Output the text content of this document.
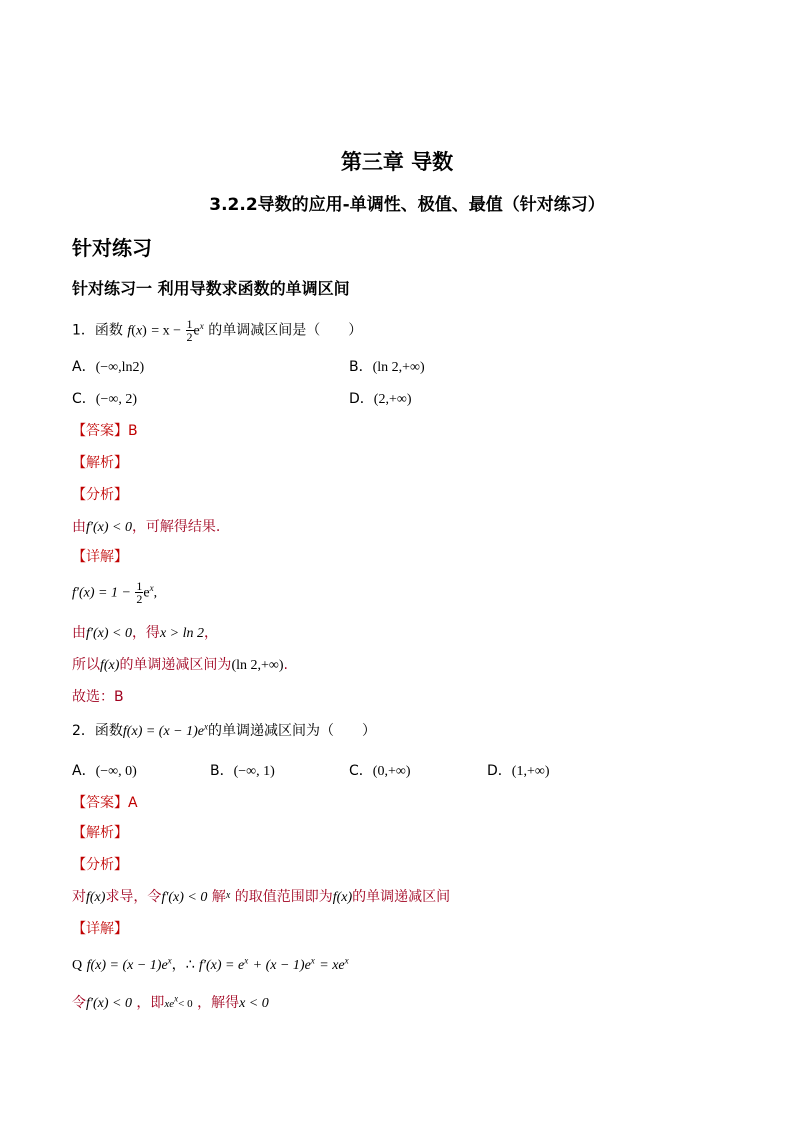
第三章 导数
3.2.2导数的应用-单调性、极值、最值（针对练习）
针对练习
针对练习一 利用导数求函数的单调区间
1．函数 $f(x) = x - \frac{1}{2} e^x$ 的单调减区间是（　　）
A．(−∞,ln2)	B．(ln 2,+∞)
C．(−∞, 2)	D．(2,+∞)
【答案】B
【解析】
【分析】
由f′(x) < 0，可解得结果.
【详解】
$f'(x) = 1 - \frac{1}{2} e^x$,
由f′(x) < 0，得x > ln 2，
所以f(x)的单调递减区间为(ln 2,+∞).
故选：B
2．函数$f(x) = (x - 1)e^x$的单调递减区间为（　　）
A．(−∞, 0)	B．(−∞, 1)	C．(0,+∞)	D．(1,+∞)
【答案】A
【解析】
【分析】
对f(x)求导，令f′(x) < 0 解$^x$ 的取值范围即为f(x)的单调递减区间
【详解】
Q $f(x) = (x - 1)e^x$，∴ $f'(x) = e^x + (x - 1)e^x = xe^x$
令f′(x) < 0 ，即$xe^x< 0$ ，解得x < 0
